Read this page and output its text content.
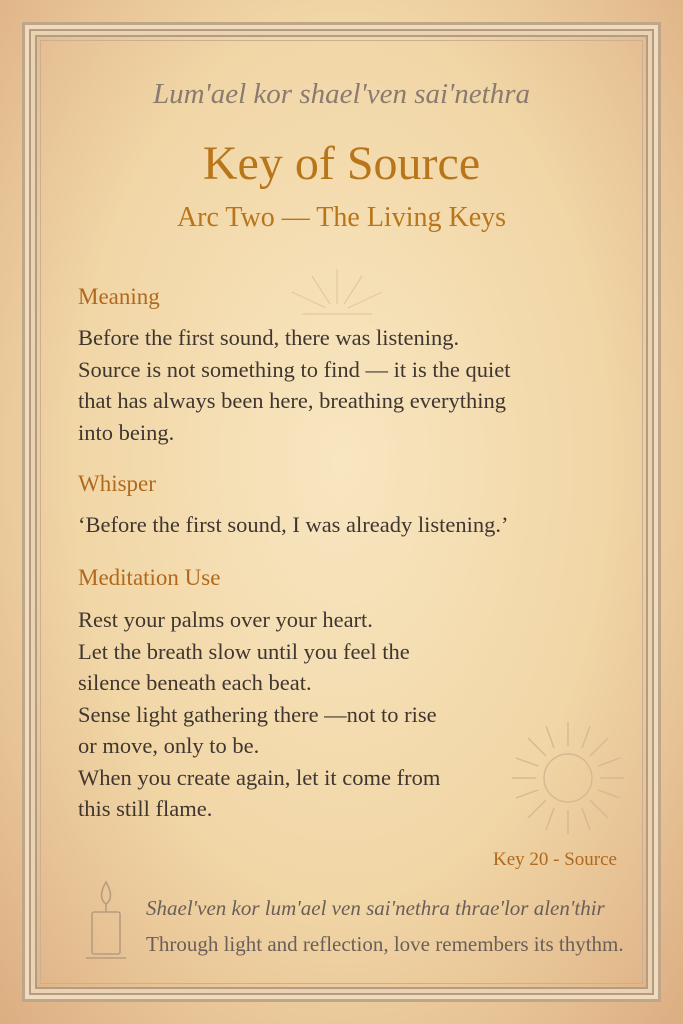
Lum'ael kor shael'ven sai'nethra
Key of Source
Arc Two — The Living Keys
Meaning
Before the first sound, there was listening.
Source is not something to find — it is the quiet
that has always been here, breathing everything
into being.
Whisper
‘Before the first sound, I was already listening.’
Meditation Use
Rest your palms over your heart.
Let the breath slow until you feel the
silence beneath each beat.
Sense light gathering there —not to rise
or move, only to be.
When you create again, let it come from
this still flame.
Key 20 - Source
Shael'ven kor lum'ael ven sai'nethra thrae'lor alen'thir
Through light and reflection, love remembers its thythm.
